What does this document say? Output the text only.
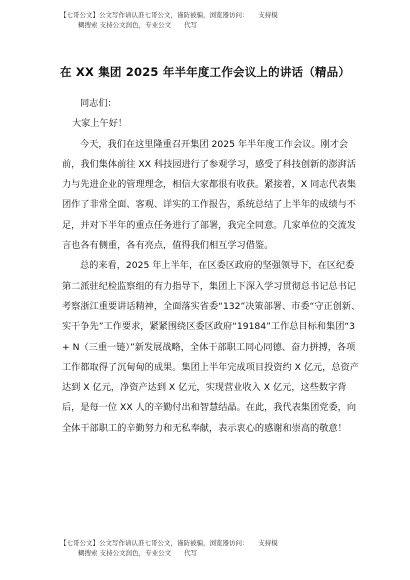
【七哥公文】公文写作请认准七哥公文，谨防被骗，浏览器访问：　　支持模
糊搜索 支持公文润色，专业公文　　代写
在 XX 集团 2025 年半年度工作会议上的讲话（精品）

同志们：

大家上午好！

今天，我们在这里隆重召开集团 2025 年半年度工作会议。刚才会前，我们集体前往 XX 科技园进行了参观学习，感受了科技创新的澎湃活力与先进企业的管理理念，相信大家都很有收获。紧接着，X 同志代表集团作了非常全面、客观、详实的工作报告，系统总结了上半年的成绩与不足，并对下半年的重点任务进行了部署，我完全同意。几家单位的交流发言也各有侧重，各有亮点，值得我们相互学习借鉴。

总的来看，2025 年上半年，在区委区政府的坚强领导下，在区纪委第二派驻纪检监察组的有力指导下，集团上下深入学习贯彻总书记总书记考察浙江重要讲话精神，全面落实省委“132”决策部署、市委“守正创新、实干争先”工作要求，紧紧围绕区委区政府“19184”工作总目标和集团“3 + N（三重一链）”新发展战略，全体干部职工同心同德、奋力拼搏，各项工作都取得了沉甸甸的成果。集团上半年完成项目投资约 X 亿元，总资产达到 X 亿元，净资产达到 X 亿元，实现营业收入 X 亿元，这些数字背后，是每一位 XX 人的辛勤付出和智慧结晶。在此，我代表集团党委，向全体干部职工的辛勤努力和无私奉献，表示衷心的感谢和崇高的敬意！

【七哥公文】公文写作请认准七哥公文，谨防被骗，浏览器访问：　　支持模
糊搜索 支持公文润色，专业公文　　代写
